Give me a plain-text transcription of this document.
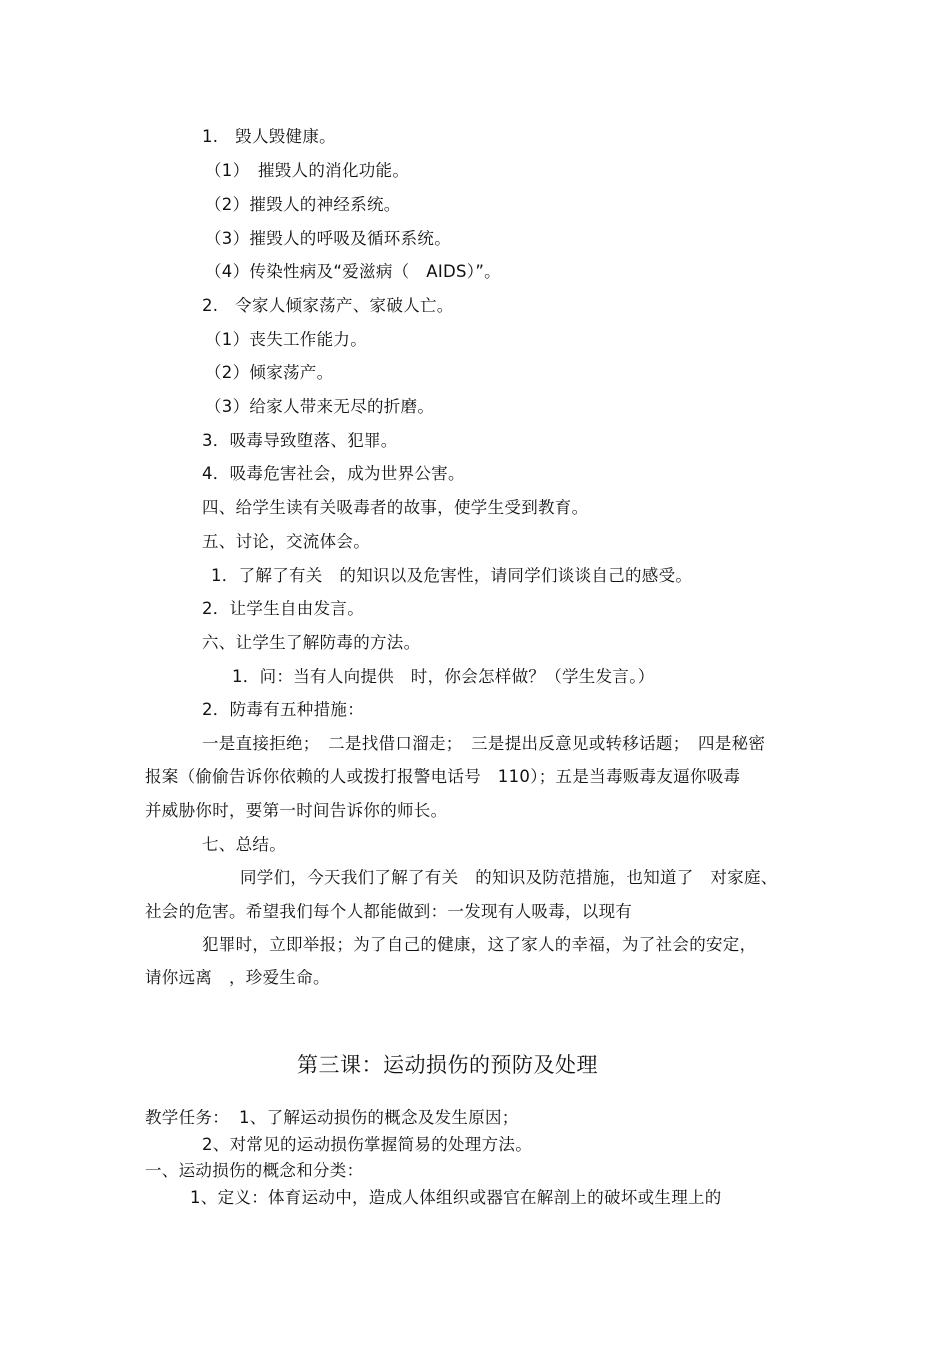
1.　毁人毁健康。
（1）　摧毁人的消化功能。
（2）摧毁人的神经系统。
（3）摧毁人的呼吸及循环系统。
（4）传染性病及“爱滋病（　AIDS）”。
2.　令家人倾家荡产、家破人亡。
（1）丧失工作能力。
（2）倾家荡产。
（3）给家人带来无尽的折磨。
3．吸毒导致堕落、犯罪。
4．吸毒危害社会，成为世界公害。
四、给学生读有关吸毒者的故事，使学生受到教育。
五、讨论，交流体会。
1．了解了有关　的知识以及危害性，请同学们谈谈自己的感受。
2．让学生自由发言。
六、让学生了解防毒的方法。
1．问：当有人向提供　时，你会怎样做？（学生发言。）
2．防毒有五种措施：
一是直接拒绝；　二是找借口溜走；　三是提出反意见或转移话题；　四是秘密
报案（偷偷告诉你依赖的人或拨打报警电话号　110）；五是当毒贩毒友逼你吸毒
并威胁你时，要第一时间告诉你的师长。
七、总结。
同学们，今天我们了解了有关　的知识及防范措施，也知道了　对家庭、
社会的危害。希望我们每个人都能做到：一发现有人吸毒，以现有
犯罪时，立即举报；为了自己的健康，这了家人的幸福，为了社会的安定，
请你远离　，珍爱生命。
第三课：运动损伤的预防及处理
教学任务： 1、了解运动损伤的概念及发生原因；
2、对常见的运动损伤掌握简易的处理方法。
一、运动损伤的概念和分类：
1、定义：体育运动中，造成人体组织或器官在解剖上的破坏或生理上的
